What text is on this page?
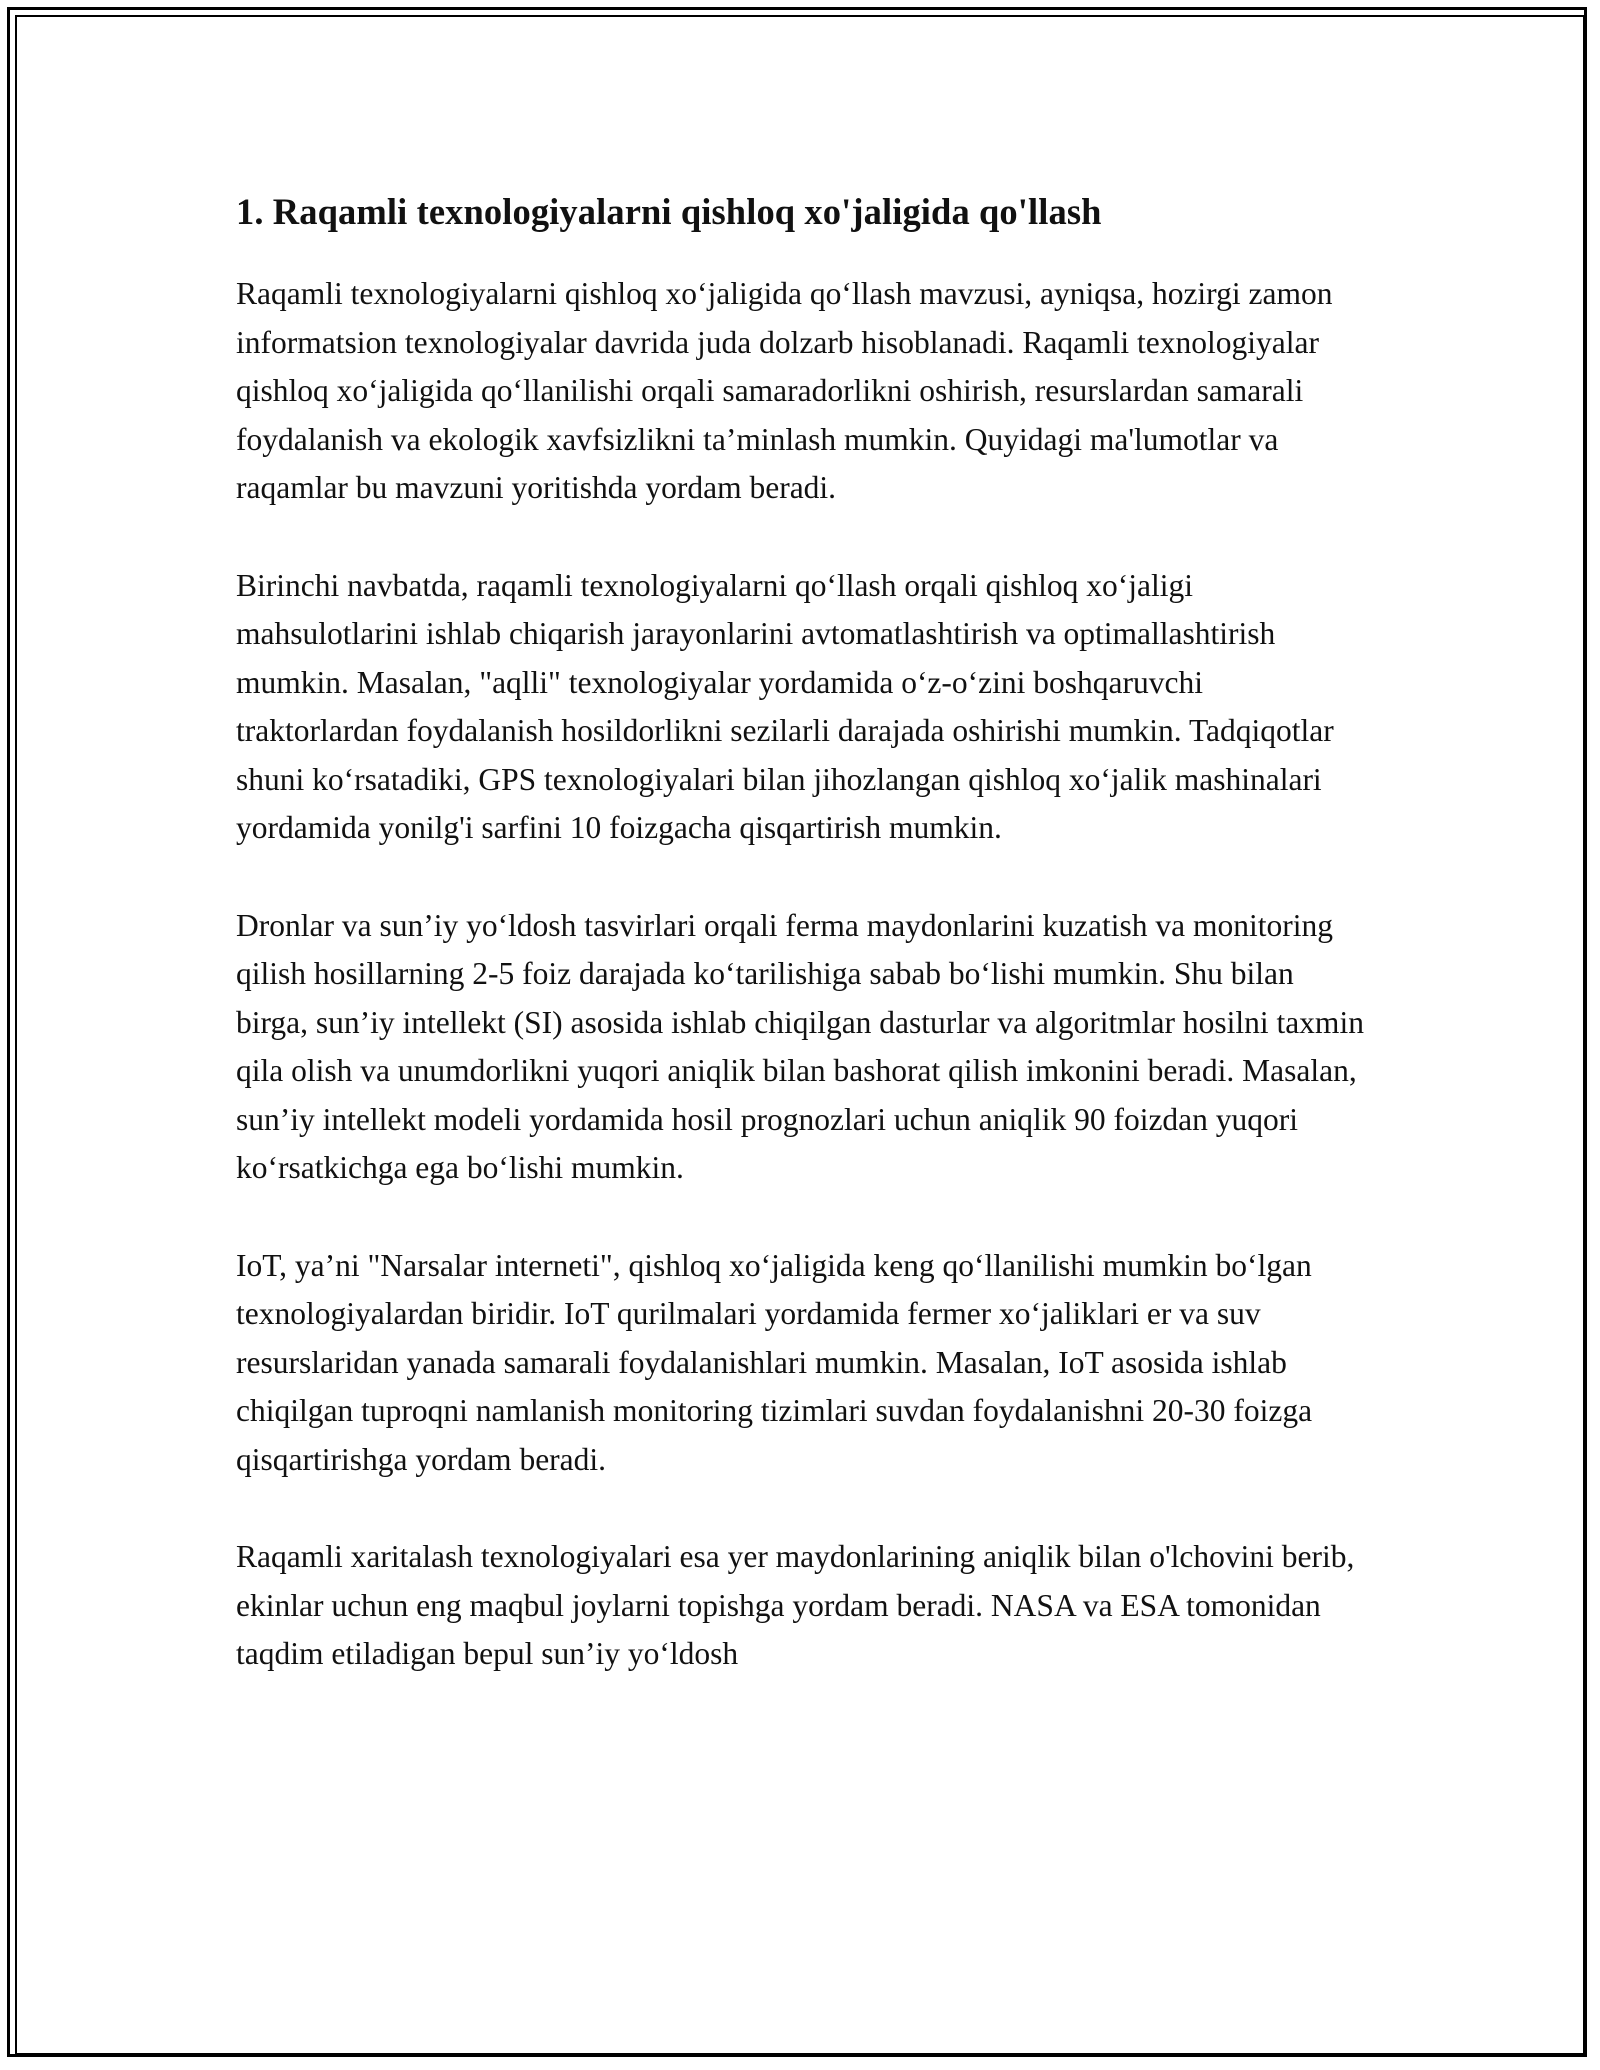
1. Raqamli texnologiyalarni qishloq xo'jaligida qo'llash

Raqamli texnologiyalarni qishloq xoʻjaligida qoʻllash mavzusi, ayniqsa, hozirgi zamon informatsion texnologiyalar davrida juda dolzarb hisoblanadi. Raqamli texnologiyalar qishloq xoʻjaligida qoʻllanilishi orqali samaradorlikni oshirish, resurslardan samarali foydalanish va ekologik xavfsizlikni taʼminlash mumkin. Quyidagi ma'lumotlar va raqamlar bu mavzuni yoritishda yordam beradi.

Birinchi navbatda, raqamli texnologiyalarni qoʻllash orqali qishloq xoʻjaligi mahsulotlarini ishlab chiqarish jarayonlarini avtomatlashtirish va optimallashtirish mumkin. Masalan, "aqlli" texnologiyalar yordamida oʻz-oʻzini boshqaruvchi traktorlardan foydalanish hosildorlikni sezilarli darajada oshirishi mumkin. Tadqiqotlar shuni koʻrsatadiki, GPS texnologiyalari bilan jihozlangan qishloq xoʻjalik mashinalari yordamida yonilg'i sarfini 10 foizgacha qisqartirish mumkin.

Dronlar va sunʼiy yoʻldosh tasvirlari orqali ferma maydonlarini kuzatish va monitoring qilish hosillarning 2-5 foiz darajada koʻtarilishiga sabab boʻlishi mumkin. Shu bilan birga, sunʼiy intellekt (SI) asosida ishlab chiqilgan dasturlar va algoritmlar hosilni taxmin qila olish va unumdorlikni yuqori aniqlik bilan bashorat qilish imkonini beradi. Masalan, sunʼiy intellekt modeli yordamida hosil prognozlari uchun aniqlik 90 foizdan yuqori koʻrsatkichga ega boʻlishi mumkin.

IoT, yaʼni "Narsalar interneti", qishloq xoʻjaligida keng qoʻllanilishi mumkin boʻlgan texnologiyalardan biridir. IoT qurilmalari yordamida fermer xoʻjaliklari er va suv resurslaridan yanada samarali foydalanishlari mumkin. Masalan, IoT asosida ishlab chiqilgan tuproqni namlanish monitoring tizimlari suvdan foydalanishni 20-30 foizga qisqartirishga yordam beradi.

Raqamli xaritalash texnologiyalari esa yer maydonlarining aniqlik bilan o'lchovini berib, ekinlar uchun eng maqbul joylarni topishga yordam beradi. NASA va ESA tomonidan taqdim etiladigan bepul sunʼiy yoʻldosh
